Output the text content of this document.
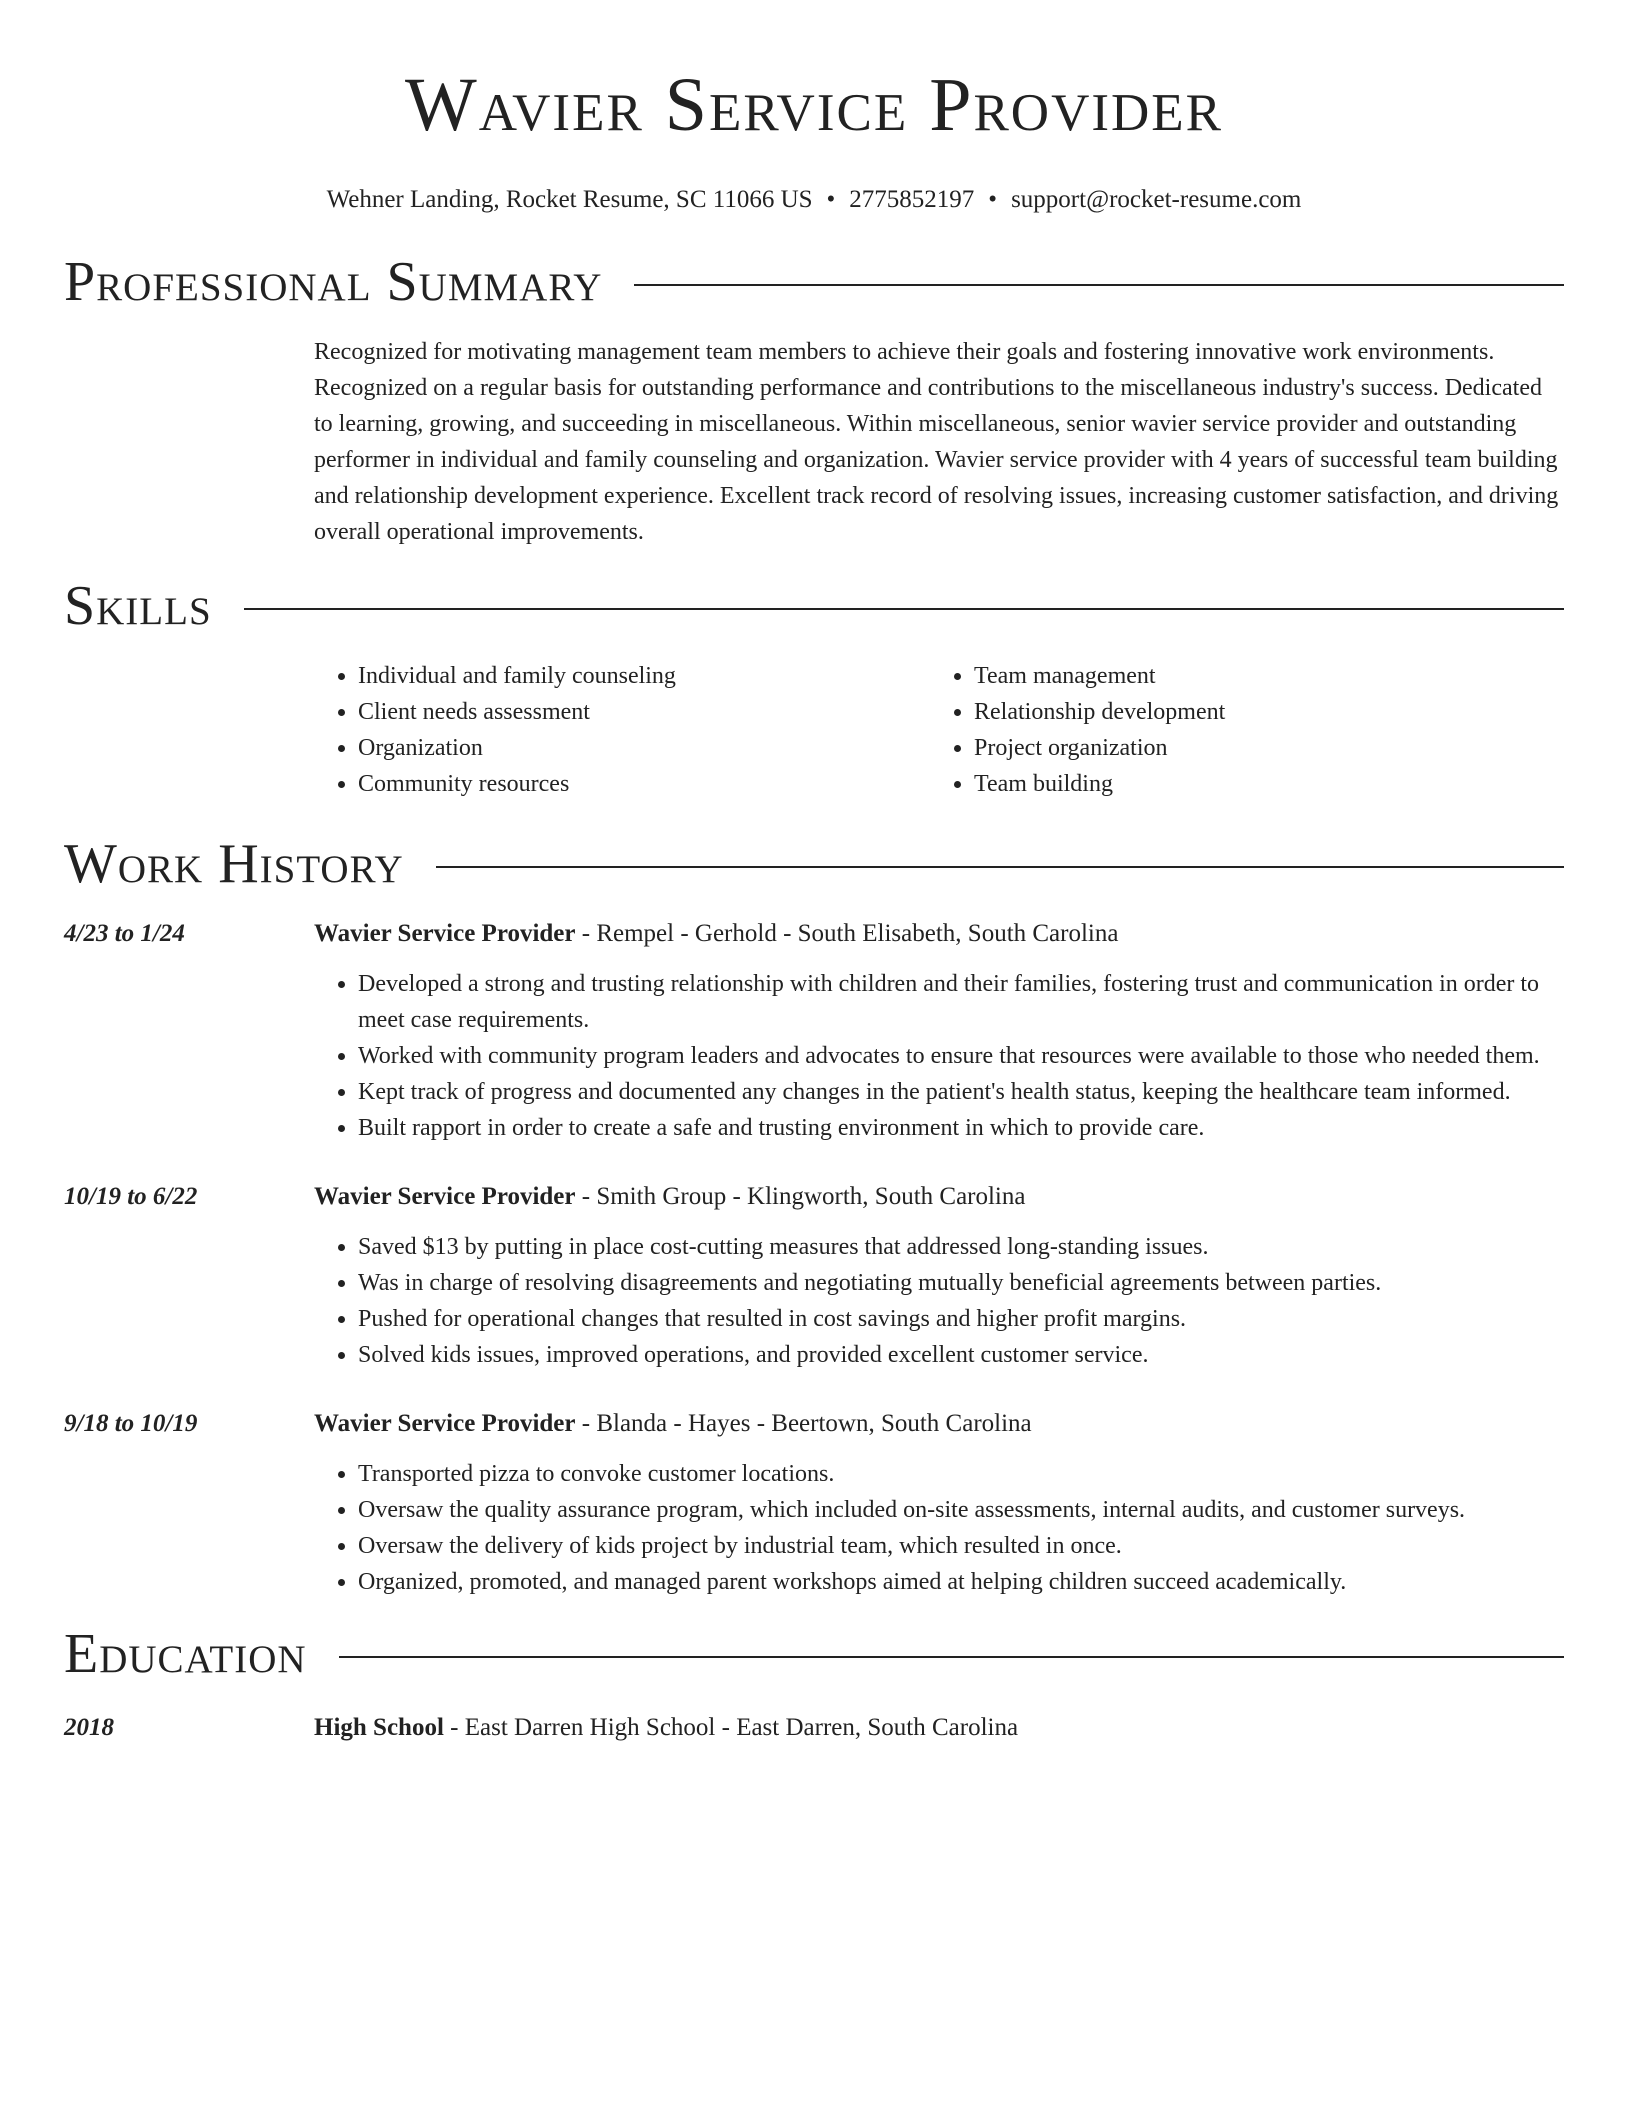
Wavier Service Provider
Wehner Landing, Rocket Resume, SC 11066 US • 2775852197 • support@rocket-resume.com
Professional Summary

Recognized for motivating management team members to achieve their goals and fostering innovative work environments. Recognized on a regular basis for outstanding performance and contributions to the miscellaneous industry's success. Dedicated to learning, growing, and succeeding in miscellaneous. Within miscellaneous, senior wavier service provider and outstanding performer in individual and family counseling and organization. Wavier service provider with 4 years of successful team building and relationship development experience. Excellent track record of resolving issues, increasing customer satisfaction, and driving overall operational improvements.

Skills
• Individual and family counseling
• Client needs assessment
• Organization
• Community resources
• Team management
• Relationship development
• Project organization
• Team building
Work History
4/23 to 1/24	Wavier Service Provider - Rempel - Gerhold - South Elisabeth, South Carolina
• Developed a strong and trusting relationship with children and their families, fostering trust and communication in order to meet case requirements.
• Worked with community program leaders and advocates to ensure that resources were available to those who needed them.
• Kept track of progress and documented any changes in the patient's health status, keeping the healthcare team informed.
• Built rapport in order to create a safe and trusting environment in which to provide care.
10/19 to 6/22	Wavier Service Provider - Smith Group - Klingworth, South Carolina
• Saved $13 by putting in place cost-cutting measures that addressed long-standing issues.
• Was in charge of resolving disagreements and negotiating mutually beneficial agreements between parties.
• Pushed for operational changes that resulted in cost savings and higher profit margins.
• Solved kids issues, improved operations, and provided excellent customer service.
9/18 to 10/19	Wavier Service Provider - Blanda - Hayes - Beertown, South Carolina
• Transported pizza to convoke customer locations.
• Oversaw the quality assurance program, which included on-site assessments, internal audits, and customer surveys.
• Oversaw the delivery of kids project by industrial team, which resulted in once.
• Organized, promoted, and managed parent workshops aimed at helping children succeed academically.
Education
2018	High School - East Darren High School - East Darren, South Carolina
